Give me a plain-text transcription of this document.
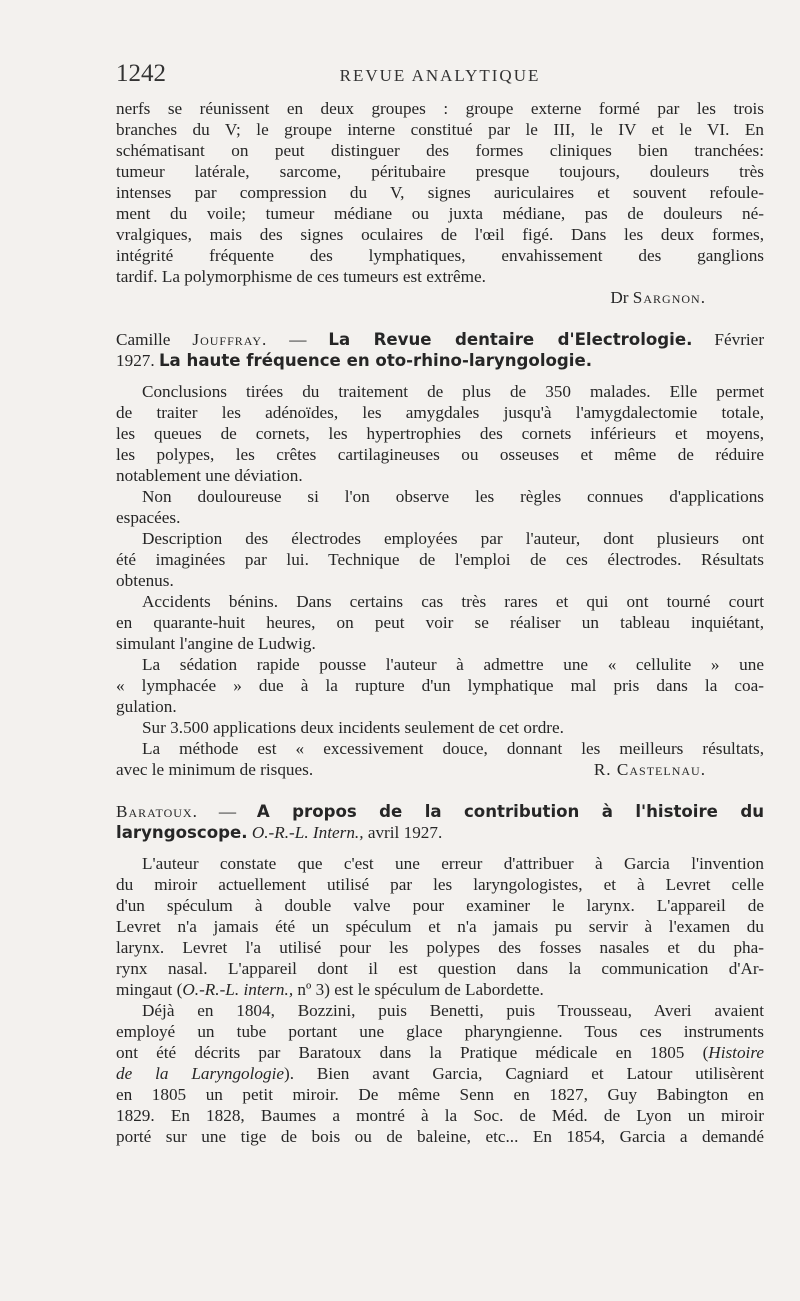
1242	REVUE ANALYTIQUE
nerfs se réunissent en deux groupes : groupe externe formé par les trois
branches du V; le groupe interne constitué par le III, le IV et le VI. En
schématisant on peut distinguer des formes cliniques bien tranchées:
tumeur latérale, sarcome, péritubaire presque toujours, douleurs très
intenses par compression du V, signes auriculaires et souvent refoule-
ment du voile; tumeur médiane ou juxta médiane, pas de douleurs né-
vralgiques, mais des signes oculaires de l'œil figé. Dans les deux formes,
intégrité fréquente des lymphatiques, envahissement des ganglions
tardif. La polymorphisme de ces tumeurs est extrême.
Dr Sargnon.
Camille Jouffray. — La Revue dentaire d'Electrologie. Février
1927. La haute fréquence en oto-rhino-laryngologie.
Conclusions tirées du traitement de plus de 350 malades. Elle permet
de traiter les adénoïdes, les amygdales jusqu'à l'amygdalectomie totale,
les queues de cornets, les hypertrophies des cornets inférieurs et moyens,
les polypes, les crêtes cartilagineuses ou osseuses et même de réduire
notablement une déviation.
Non douloureuse si l'on observe les règles connues d'applications
espacées.
Description des électrodes employées par l'auteur, dont plusieurs ont
été imaginées par lui. Technique de l'emploi de ces électrodes. Résultats
obtenus.
Accidents bénins. Dans certains cas très rares et qui ont tourné court
en quarante-huit heures, on peut voir se réaliser un tableau inquiétant,
simulant l'angine de Ludwig.
La sédation rapide pousse l'auteur à admettre une « cellulite » une
« lymphacée » due à la rupture d'un lymphatique mal pris dans la coa-
gulation.
Sur 3.500 applications deux incidents seulement de cet ordre.
La méthode est « excessivement douce, donnant les meilleurs résultats,
avec le minimum de risques.	R. Castelnau.
Baratoux. — A propos de la contribution à l'histoire du
laryngoscope. O.-R.-L. Intern., avril 1927.
L'auteur constate que c'est une erreur d'attribuer à Garcia l'invention
du miroir actuellement utilisé par les laryngologistes, et à Levret celle
d'un spéculum à double valve pour examiner le larynx. L'appareil de
Levret n'a jamais été un spéculum et n'a jamais pu servir à l'examen du
larynx. Levret l'a utilisé pour les polypes des fosses nasales et du pha-
rynx nasal. L'appareil dont il est question dans la communication d'Ar-
mingaut (O.-R.-L. intern., nº 3) est le spéculum de Labordette.
Déjà en 1804, Bozzini, puis Benetti, puis Trousseau, Averi avaient
employé un tube portant une glace pharyngienne. Tous ces instruments
ont été décrits par Baratoux dans la Pratique médicale en 1805 (Histoire
de la Laryngologie). Bien avant Garcia, Cagniard et Latour utilisèrent
en 1805 un petit miroir. De même Senn en 1827, Guy Babington en
1829. En 1828, Baumes a montré à la Soc. de Méd. de Lyon un miroir
porté sur une tige de bois ou de baleine, etc... En 1854, Garcia a demandé
